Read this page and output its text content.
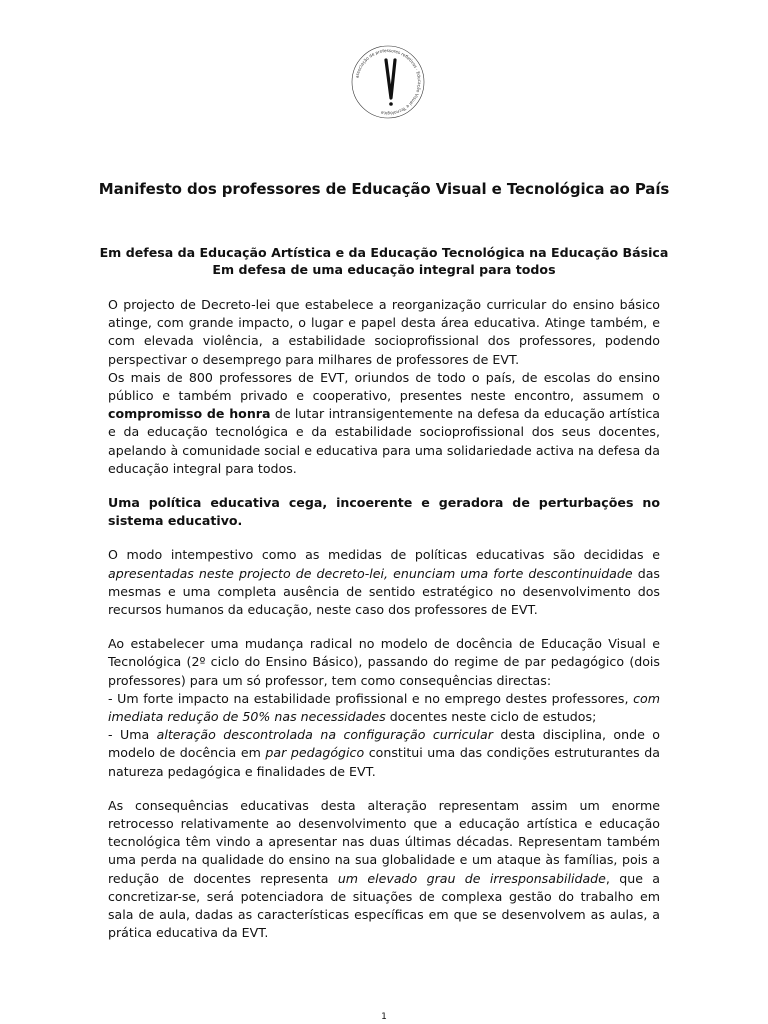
associação de professores refletivos · Educação Visual e Tecnológica
Manifesto dos professores de Educação Visual e Tecnológica ao País
Em defesa da Educação Artística e da Educação Tecnológica na Educação Básica
Em defesa de uma educação integral para todos

O projecto de Decreto-lei que estabelece a reorganização curricular do ensino básico atinge, com grande impacto, o lugar e papel desta área educativa. Atinge também, e com elevada violência, a estabilidade socioprofissional dos professores, podendo perspectivar o desemprego para milhares de professores de EVT.

Os mais de 800 professores de EVT, oriundos de todo o país, de escolas do ensino público e também privado e cooperativo, presentes neste encontro, assumem o compromisso de honra de lutar intransigentemente na defesa da educação artística e da educação tecnológica e da estabilidade socioprofissional dos seus docentes, apelando à comunidade social e educativa para uma solidariedade activa na defesa da educação integral para todos.

Uma política educativa cega, incoerente e geradora de perturbações no sistema educativo.

O modo intempestivo como as medidas de políticas educativas são decididas e apresentadas neste projecto de decreto-lei, enunciam uma forte descontinuidade das mesmas e uma completa ausência de sentido estratégico no desenvolvimento dos recursos humanos da educação, neste caso dos professores de EVT.

Ao estabelecer uma mudança radical no modelo de docência de Educação Visual e Tecnológica (2º ciclo do Ensino Básico), passando do regime de par pedagógico (dois professores) para um só professor, tem como consequências directas:

- Um forte impacto na estabilidade profissional e no emprego destes professores, com imediata redução de 50% nas necessidades docentes neste ciclo de estudos;

- Uma alteração descontrolada na configuração curricular desta disciplina, onde o modelo de docência em par pedagógico constitui uma das condições estruturantes da natureza pedagógica e finalidades de EVT.

As consequências educativas desta alteração representam assim um enorme retrocesso relativamente ao desenvolvimento que a educação artística e educação tecnológica têm vindo a apresentar nas duas últimas décadas. Representam também uma perda na qualidade do ensino na sua globalidade e um ataque às famílias, pois a redução de docentes representa um elevado grau de irresponsabilidade, que a concretizar-se, será potenciadora de situações de complexa gestão do trabalho em sala de aula, dadas as características específicas em que se desenvolvem as aulas, a prática educativa da EVT.

1
